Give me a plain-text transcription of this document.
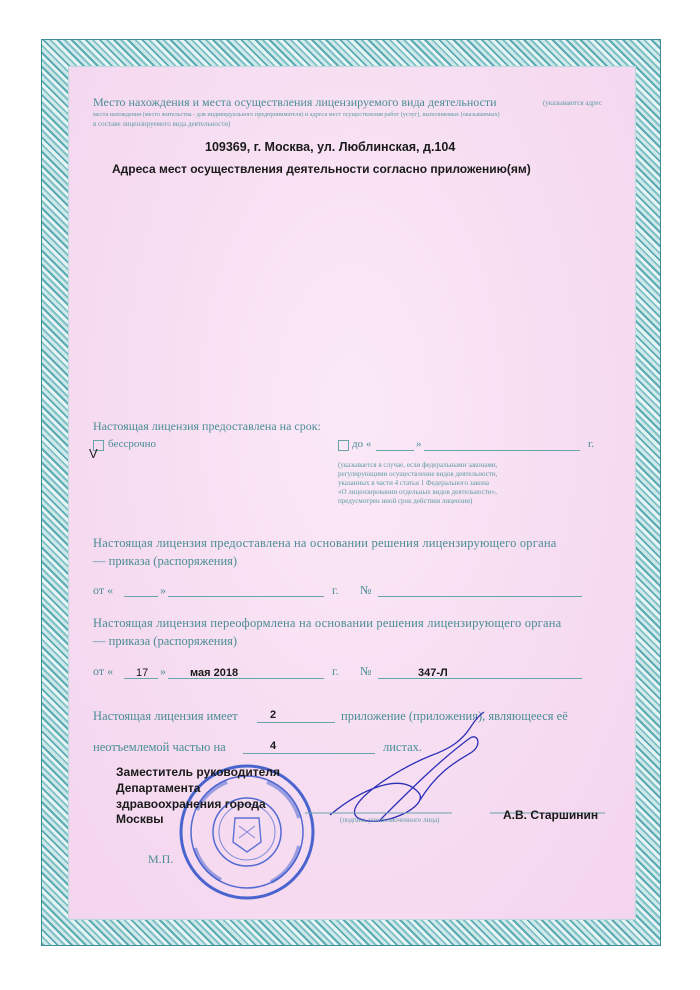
Место нахождения и места осуществления лицензируемого вида деятельности	(указываются адрес
места нахождения (место жительства - для индивидуального предпринимателя) и адреса мест осуществления работ (услуг), выполняемых (оказываемых)
в составе лицензируемого вида деятельности)
109369, г. Москва, ул. Люблинская, д.104
Адреса мест осуществления деятельности согласно приложению(ям)
Настоящая лицензия предоставлена на срок:
V
бессрочно	до «	»	г.
(указывается в случае, если федеральными законами,
регулирующими осуществление видов деятельности,
указанных в части 4 статьи 1 Федерального закона
«О лицензировании отдельных видов деятельности»,
предусмотрен иной срок действия лицензии)
Настоящая лицензия предоставлена на основании решения лицензирующего органа
— приказа (распоряжения)
от «	»	г. №
Настоящая лицензия переоформлена на основании решения лицензирующего органа
— приказа (распоряжения)
от « 17 » мая 2018	г. №	347-Л
Настоящая лицензия имеет	2	приложение (приложения), являющееся её
неотъемлемой частью на	4	листах.
Заместитель руководителя
Департамента
здравоохранения города
Москвы	(подпись уполномоченного лица)	А.В. Старшинин
М.П.
